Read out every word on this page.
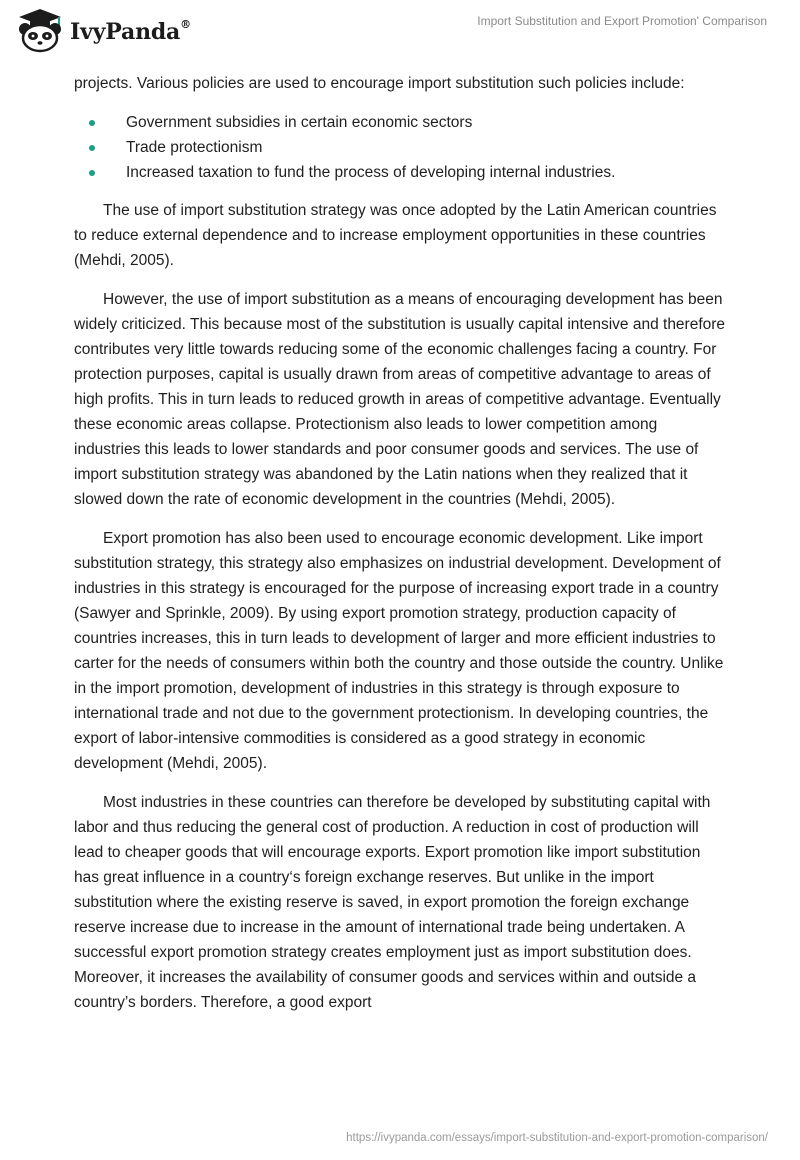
IvyPanda®	Import Substitution and Export Promotion' Comparison

projects. Various policies are used to encourage import substitution such policies include:

Government subsidies in certain economic sectors
Trade protectionism
Increased taxation to fund the process of developing internal industries.

The use of import substitution strategy was once adopted by the Latin American countries to reduce external dependence and to increase employment opportunities in these countries (Mehdi, 2005).

However, the use of import substitution as a means of encouraging development has been widely criticized. This because most of the substitution is usually capital intensive and therefore contributes very little towards reducing some of the economic challenges facing a country. For protection purposes, capital is usually drawn from areas of competitive advantage to areas of high profits. This in turn leads to reduced growth in areas of competitive advantage. Eventually these economic areas collapse. Protectionism also leads to lower competition among industries this leads to lower standards and poor consumer goods and services. The use of import substitution strategy was abandoned by the Latin nations when they realized that it slowed down the rate of economic development in the countries (Mehdi, 2005).

Export promotion has also been used to encourage economic development. Like import substitution strategy, this strategy also emphasizes on industrial development. Development of industries in this strategy is encouraged for the purpose of increasing export trade in a country (Sawyer and Sprinkle, 2009). By using export promotion strategy, production capacity of countries increases, this in turn leads to development of larger and more efficient industries to carter for the needs of consumers within both the country and those outside the country. Unlike in the import promotion, development of industries in this strategy is through exposure to international trade and not due to the government protectionism. In developing countries, the export of labor-intensive commodities is considered as a good strategy in economic development (Mehdi, 2005).

Most industries in these countries can therefore be developed by substituting capital with labor and thus reducing the general cost of production. A reduction in cost of production will lead to cheaper goods that will encourage exports. Export promotion like import substitution has great influence in a country‘s foreign exchange reserves. But unlike in the import substitution where the existing reserve is saved, in export promotion the foreign exchange reserve increase due to increase in the amount of international trade being undertaken. A successful export promotion strategy creates employment just as import substitution does. Moreover, it increases the availability of consumer goods and services within and outside a country’s borders. Therefore, a good export

https://ivypanda.com/essays/import-substitution-and-export-promotion-comparison/
